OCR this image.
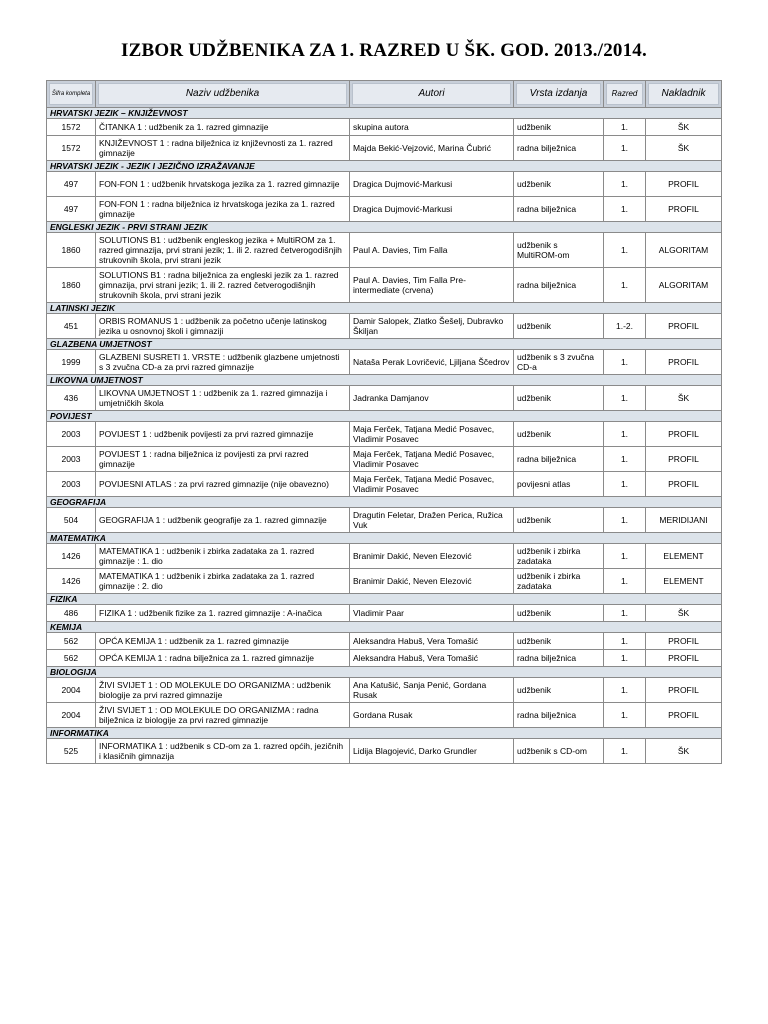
IZBOR UDŽBENIKA ZA 1. RAZRED U ŠK. GOD. 2013./2014.
Šifra kompleta	Naziv udžbenika	Autori	Vrsta izdanja	Razred	Nakladnik

HRVATSKI JEZIK – KNJIŽEVNOST					
1572	ČITANKA 1 : udžbenik za 1. razred gimnazije	skupina autora	udžbenik	1.	ŠK
1572	KNJIŽEVNOST 1 : radna bilježnica iz književnosti za 1. razred gimnazije	Majda Bekić-Vejzović, Marina Čubrić	radna bilježnica	1.	ŠK
HRVATSKI JEZIK - JEZIK I JEZIČNO IZRAŽAVANJE					
497	FON-FON 1 : udžbenik hrvatskoga jezika za 1. razred gimnazije	Dragica Dujmović-Markusi	udžbenik	1.	PROFIL
497	FON-FON 1 : radna bilježnica iz hrvatskoga jezika za 1. razred gimnazije	Dragica Dujmović-Markusi	radna bilježnica	1.	PROFIL
ENGLESKI JEZIK - PRVI STRANI JEZIK					
1860	SOLUTIONS B1 : udžbenik engleskog jezika + MultiROM za 1. razred gimnazija, prvi strani jezik; 1. ili 2. razred četverogodišnjih strukovnih škola, prvi strani jezik	Paul A. Davies, Tim Falla	udžbenik s MultiROM-om	1.	ALGORITAM
1860	SOLUTIONS B1 : radna bilježnica za engleski jezik za 1. razred gimnazija, prvi strani jezik; 1. ili 2. razred četverogodišnjih strukovnih škola, prvi strani jezik	Paul A. Davies, Tim Falla Pre-intermediate (crvena)	radna bilježnica	1.	ALGORITAM
LATINSKI JEZIK					
451	ORBIS ROMANUS 1 : udžbenik za početno učenje latinskog jezika u osnovnoj školi i gimnaziji	Damir Salopek, Zlatko Šešelj, Dubravko Škiljan	udžbenik	1.-2.	PROFIL
GLAZBENA UMJETNOST					
1999	GLAZBENI SUSRETI 1. VRSTE : udžbenik glazbene umjetnosti s 3 zvučna CD-a za prvi razred gimnazije	Nataša Perak Lovričević, Ljiljana Ščedrov	udžbenik s 3 zvučna CD-a	1.	PROFIL
LIKOVNA UMJETNOST					
436	LIKOVNA UMJETNOST 1 : udžbenik za 1. razred gimnazija i umjetničkih škola	Jadranka Damjanov	udžbenik	1.	ŠK
POVIJEST					
2003	POVIJEST 1 : udžbenik povijesti za prvi razred gimnazije	Maja Ferček, Tatjana Medić Posavec, Vladimir Posavec	udžbenik	1.	PROFIL
2003	POVIJEST 1 : radna bilježnica iz povijesti za prvi razred gimnazije	Maja Ferček, Tatjana Medić Posavec, Vladimir Posavec	radna bilježnica	1.	PROFIL
2003	POVIJESNI ATLAS : za prvi razred gimnazije (nije obavezno)	Maja Ferček, Tatjana Medić Posavec, Vladimir Posavec	povijesni atlas	1.	PROFIL
GEOGRAFIJA					
504	GEOGRAFIJA 1 : udžbenik geografije za 1. razred gimnazije	Dragutin Feletar, Dražen Perica, Ružica Vuk	udžbenik	1.	MERIDIJANI
MATEMATIKA					
1426	MATEMATIKA 1 : udžbenik i zbirka zadataka za 1. razred gimnazije : 1. dio	Branimir Dakić, Neven Elezović	udžbenik i zbirka zadataka	1.	ELEMENT
1426	MATEMATIKA 1 : udžbenik i zbirka zadataka za 1. razred gimnazije : 2. dio	Branimir Dakić, Neven Elezović	udžbenik i zbirka zadataka	1.	ELEMENT
FIZIKA					
486	FIZIKA 1 : udžbenik fizike za 1. razred gimnazije : A-inačica	Vladimir Paar	udžbenik	1.	ŠK
KEMIJA					
562	OPĆA KEMIJA 1 : udžbenik za 1. razred gimnazije	Aleksandra Habuš, Vera Tomašić	udžbenik	1.	PROFIL
562	OPĆA KEMIJA 1 : radna bilježnica za 1. razred gimnazije	Aleksandra Habuš, Vera Tomašić	radna bilježnica	1.	PROFIL
BIOLOGIJA					
2004	ŽIVI SVIJET 1 : OD MOLEKULE DO ORGANIZMA : udžbenik biologije za prvi razred gimnazije	Ana Katušić, Sanja Penić, Gordana Rusak	udžbenik	1.	PROFIL
2004	ŽIVI SVIJET 1 : OD MOLEKULE DO ORGANIZMA : radna bilježnica iz biologije za prvi razred gimnazije	Gordana Rusak	radna bilježnica	1.	PROFIL
INFORMATIKA					
525	INFORMATIKA 1 : udžbenik s CD-om za 1. razred općih, jezičnih i klasičnih gimnazija	Lidija Blagojević, Darko Grundler	udžbenik s CD-om	1.	ŠK
